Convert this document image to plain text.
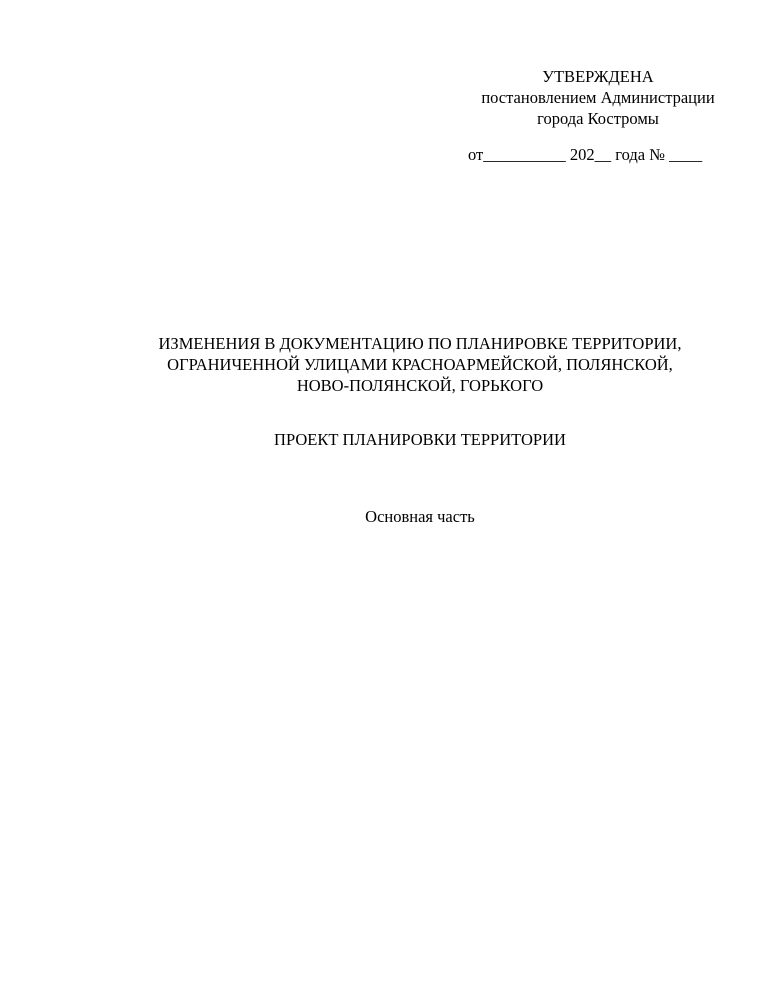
УТВЕРЖДЕНА
постановлением Администрации
города Костромы
от__________ 202__ года № ____
ИЗМЕНЕНИЯ В ДОКУМЕНТАЦИЮ ПО ПЛАНИРОВКЕ ТЕРРИТОРИИ,
ОГРАНИЧЕННОЙ УЛИЦАМИ КРАСНОАРМЕЙСКОЙ, ПОЛЯНСКОЙ,
НОВО-ПОЛЯНСКОЙ, ГОРЬКОГО
ПРОЕКТ ПЛАНИРОВКИ ТЕРРИТОРИИ
Основная часть
